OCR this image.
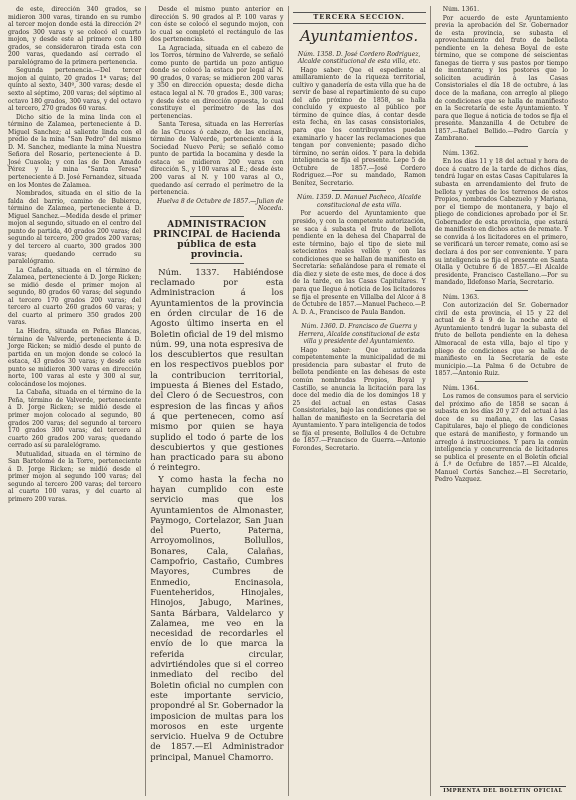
de este, dirección 340 grados, se midieron 300 varas, tirando en su rumbo al tercer mojon donde está la dirección 2º grados 300 varas y se colocó el cuarto mojon, y desde este al primero con 180 grados, se consideraron tirada esta con 200 varas, quedando así cerrado el paralelógramo de la primera pertenencia.

Segunda pertenencia.—Del tercer mojon al quinto, 20 grados 1ª varas; del quinto al sexto, 340º, 300 varas; desde el sexto al séptimo, 200 varas; del séptimo al octavo 180 grados, 300 varas, y del octavo al tercero, 270 grados 60 varas.

Dicho sitio de la mina linda con el término de Zalamea, perteneciente á D. Miguel Sanchez; al saliente linda con el predio de la mina "San Pedro" del mismo D. M. Sanchez, mediante la mina Nuestra Señora del Rosario, perteneciente á D. José Cuasola; y con las de Don Amado Pérez y la mina "Santa Teresa" perteneciente á D. José Fernandez, situada en los Montes de Zalamea.

Nombrados, situada en el sitio de la falda del barrio, camino de Bubierca, término de Zalamea, perteneciente á D. Miguel Sanchez.—Medida desde el primer mojon al segundo, situado en el centro del punto de partida, 40 grados 200 varas; del segundo al tercero, 200 grados 200 varas; y del tercero al cuarto, 300 grados 300 varas; quedando cerrado su paralelógramo.

La Cañada, situada en el término de Zalamea, perteneciente á D. Jorge Ricken; se midió desde el primer mojon al segundo, 80 grados 60 varas; del segundo al tercero 170 grados 200 varas; del tercero al cuarto 260 grados 60 varas; y del cuarto al primero 350 grados 200 varas.

La Hiedra, situada en Peñas Blancas, término de Valverde, perteneciente á D. Jorge Ricken; se midió desde el punto de partida en un mojon donde se colocó la estaca, 43 grados 30 varas; y desde este punto se midieron 300 varas en dirección norte, 100 varas al este y 300 al sur, colocándose los mojones.

La Cabaña, situada en el término de la Peña, término de Valverde, perteneciente á D. Jorge Ricken; se midió desde el primer mojon colocado al segundo, 80 grados 200 varas; del segundo al tercero 170 grados 300 varas; del tercero al cuarto 260 grados 200 varas; quedando cerrado así su paralelógramo.

Mutualidad, situada en el término de San Bartolomé de la Torre, perteneciente á D. Jorge Ricken; se midió desde el primer mojon al segundo 100 varas; del segundo al tercero 200 varas; del tercero al cuarto 100 varas, y del cuarto al primero 200 varas.

Desde el mismo punto anterior en dirección S. 90 grados al P. 100 varas y con éste se colocó el segundo mojon, con lo cual se completó el rectángulo de las dos pertenencias.

La Agraciada, situada en el cabezo de los Torros, término de Valverde, se señaló como punto de partida un pozo antiguo donde se colocó la estaca por legal al N. 90 grados, 0 varas; se midieron 200 varas y 350 en dirección opuesta; desde dicha estaca legal al N. 70 grados E., 300 varas; y desde éste en dirección opuesta, lo cual constituye el perímetro de las dos pertenencias.

Santa Teresa, situada en las Herrerías de las Cruces ó cabezo, de las encinas, término de Valverde, perteneciente á la Sociedad Nuevo Perú; se señaló como punto de partida la bocamina y desde la estaca se midieron 200 varas con dirección S., y 100 varas al E.; desde éste 200 varas al N. y 100 varas al O., quedando así cerrado el perímetro de la pertenencia.

Huelva 8 de Octubre de 1857.—Julian de Noceda.

ADMINISTRACION PRINCIPAL de Hacienda pública de esta provincia.

Núm. 1337. Habiéndose reclamado por esta Administracion á los Ayuntamientos de la provincia en órden circular de 16 de Agosto último inserta en el Boletin oficial de 19 del mismo núm. 99, una nota espresiva de los descubiertos que resultan en los respectivos pueblos por la contribucion territorial, impuesta á Bienes del Estado, del Clero ó de Secuestros, con espresion de las fincas y años á que pertenecen, como así mismo por quien se haya suplido el todo ó parte de los descubiertos y que gestiones han practicado para su abono ó reintegro.

Y como hasta la fecha no hayan cumplido con este servicio mas que los Ayuntamientos de Almonaster, Paymogo, Cortelazor, San Juan del Puerto, Paterna, Arroyomolinos, Bollullos, Bonares, Cala, Calañas, Campofrio, Castaño, Cumbres Mayores, Cumbres de Enmedio, Encinasola, Fuenteheridos, Hinojales, Hinojos, Jabugo, Marines, Santa Bárbara, Valdelarco y Zalamea, me veo en la necesidad de recordarles el envío de lo que marca la referida circular, advirtiéndoles que si el correo inmediato del recibo del Boletin oficial no cumplen con este importante servicio, propondré al Sr. Gobernador la imposicion de multas para los morosos en este urgente servicio. Huelva 9 de Octubre de 1857.—El Administrador principal, Manuel Chamorro.

TERCERA SECCION.
Ayuntamientos.

Núm. 1358. D. José Cordero Rodriguez, Alcalde constitucional de esta villa, etc.

Hago saber: Que el espediente al amillaramiento de la riqueza territorial, cultivo y ganadería de esta villa que ha de servir de base al repartimiento de su cupo del año próximo de 1858, se halla concluido y expuesto al público por término de quince días, á contar desde esta fecha, en las casas consistoriales, para que los contribuyentes puedan examinarlo y hacer las reclamaciones que tengan por conveniente; pasado dicho término, no serán oídos. Y para la debida inteligencia se fija el presente. Lepe 5 de Octubre de 1857.—José Cordero Rodriguez.—Por su mandado, Ramon Benítez, Secretario.

Núm. 1359. D. Manuel Pacheco, Alcalde constitucional de esta villa.

Por acuerdo del Ayuntamiento que presido, y con la competente autorización, se saca á subasta el fruto de bellota pendiente en la dehesa del Chaparral de este término, bajo el tipo de siete mil setecientos reales vellón y con las condiciones que se hallan de manifiesto en Secretaría: señalándose para el remate el día diez y siete de este mes, de doce á dos de la tarde, en las Casas Capitulares. Y para que llegue á noticia de los licitadores se fija el presente en Villalba del Alcor á 8 de Octubre de 1857.—Manuel Pacheco.—P. A. D. A., Francisco de Paula Bandon.

Núm. 1360. D. Francisco de Guerra y Herrera, Alcalde constitucional de esta villa y presidente del Ayuntamiento.

Hago saber: Que autorizada competentemente la municipalidad de mi presidencia para subastar el fruto de bellota pendiente en las dehesas de este común nombradas Propios, Boyal y Castillo, se anuncia la licitación para las doce del medio día de los domingos 18 y 25 del actual en estas Casas Consistoriales, bajo las condiciones que se hallan de manifiesto en la Secretaría del Ayuntamiento. Y para inteligencia de todos se fija el presente, Bollullos 4 de Octubre de 1857.—Francisco de Guerra.—Antonio Forondes, Secretario.

Núm. 1361.

Por acuerdo de este Ayuntamiento previa la aprobación del Sr. Gobernador de esta provincia, se subasta el aprovechamiento del fruto de bellota pendiente en la dehesa Boyal de este término, que se compone de seiscientas fanegas de tierra y sus pastos por tiempo de montanera; y los postores que lo soliciten acudirán á las Casas Consistoriales el día 18 de octubre, á las doce de la mañana, con arreglo al pliego de condiciones que se halla de manifiesto en la Secretaría de este Ayuntamiento. Y para que llegue á noticia de todos se fija el presente. Manzanilla 4 de Octubre de 1857.—Rafael Bellido.—Pedro García y Zambrano.

Núm. 1362.

En los días 11 y 18 del actual y hora de doce á cuatro de la tarde de dichos días, tendrá lugar en estas Casas Capitulares la subasta en arrendamiento del fruto de bellota y yerbas de los terrenos de estos Propios, nombrados Cabezuelo y Mariana, por el tiempo de montanera, y bajo el pliego de condiciones aprobado por el Sr. Gobernador de esta provincia, que estará de manifiesto en dichos actos de remate. Y se convida á los licitadores en el primero, se verificará un tercer remate, como así se declara á dos por ser conveniente. Y para su inteligencia se fija el presente en Santa Olalla y Octubre 6 de 1857.—El Alcalde presidente, Francisco Castellano.—Por su mandado, Ildefonso María, Secretario.

Núm. 1363.

Con autorización del Sr. Gobernador civil de esta provincia, el 15 y 22 del actual de 8 á 9 de la noche ante el Ayuntamiento tendrá lugar la subasta del fruto de bellota pendiente en la dehesa Almoracal de esta villa, bajo el tipo y pliego de condiciones que se halla de manifiesto en la Secretaría de este municipio.—La Palma 6 de Octubre de 1857.—Antonio Ruiz.

Núm. 1364.

Los ramos de consumos para el servicio del próximo año de 1858 se sacan á subasta en los días 20 y 27 del actual á las doce de su mañana, en las Casas Capitulares, bajo el pliego de condiciones que estará de manifiesto, y formando un arreglo á instrucciones. Y para la común inteligencia y concurrencia de licitadores se publica el presente en el Boletín oficial á 1.º de Octubre de 1857.—El Alcalde, Manuel Cortés Sanchez.—El Secretario, Pedro Vazquez.

IMPRENTA DEL BOLETIN OFICIAL
